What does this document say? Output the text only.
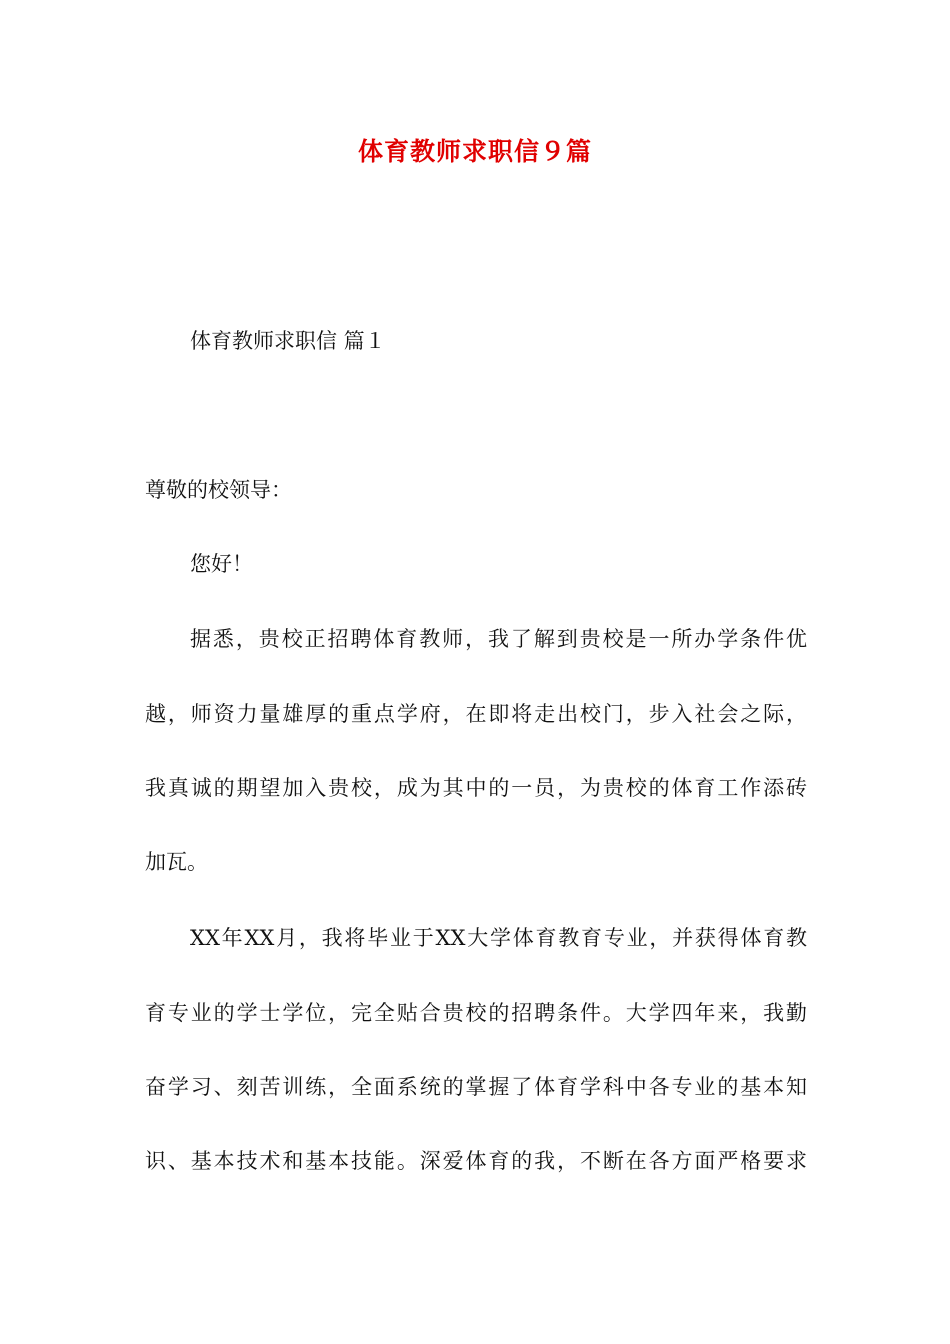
体育教师求职信９篇
体育教师求职信 篇１
尊敬的校领导：
您好！
据悉，贵校正招聘体育教师，我了解到贵校是一所办学条件优
越，师资力量雄厚的重点学府，在即将走出校门，步入社会之际，
我真诚的期望加入贵校，成为其中的一员，为贵校的体育工作添砖
加瓦。
XX年XX月，我将毕业于XX大学体育教育专业，并获得体育教
育专业的学士学位，完全贴合贵校的招聘条件。大学四年来，我勤
奋学习、刻苦训练，全面系统的掌握了体育学科中各专业的基本知
识、基本技术和基本技能。深爱体育的我，不断在各方面严格要求
